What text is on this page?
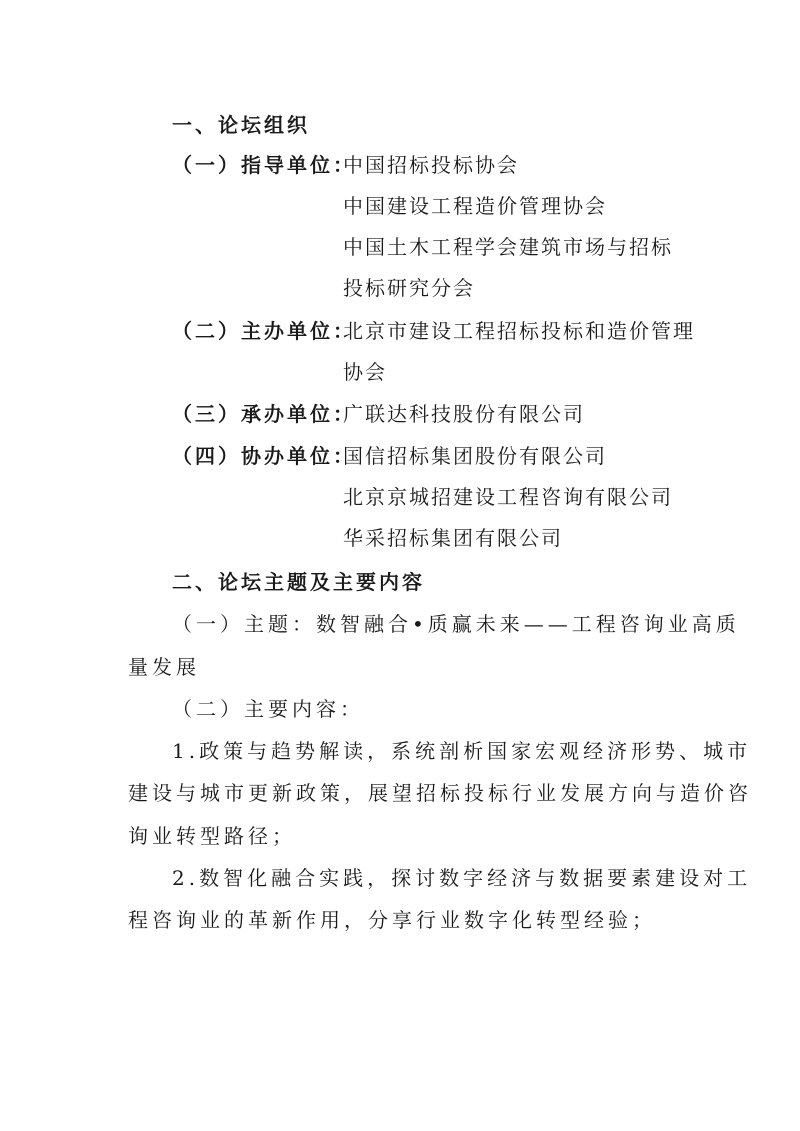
一、论坛组织
（一）指导单位：
中国招标投标协会
中国建设工程造价管理协会
中国土木工程学会建筑市场与招标
投标研究分会
（二）主办单位：
北京市建设工程招标投标和造价管理
协会
（三）承办单位：
广联达科技股份有限公司
（四）协办单位：
国信招标集团股份有限公司
北京京城招建设工程咨询有限公司
华采招标集团有限公司
二、论坛主题及主要内容
（一）主题：数智融合•质赢未来——工程咨询业高质
量发展
（二）主要内容：
1.政策与趋势解读，系统剖析国家宏观经济形势、城市
建设与城市更新政策，展望招标投标行业发展方向与造价咨
询业转型路径；
2.数智化融合实践，探讨数字经济与数据要素建设对工
程咨询业的革新作用，分享行业数字化转型经验；
